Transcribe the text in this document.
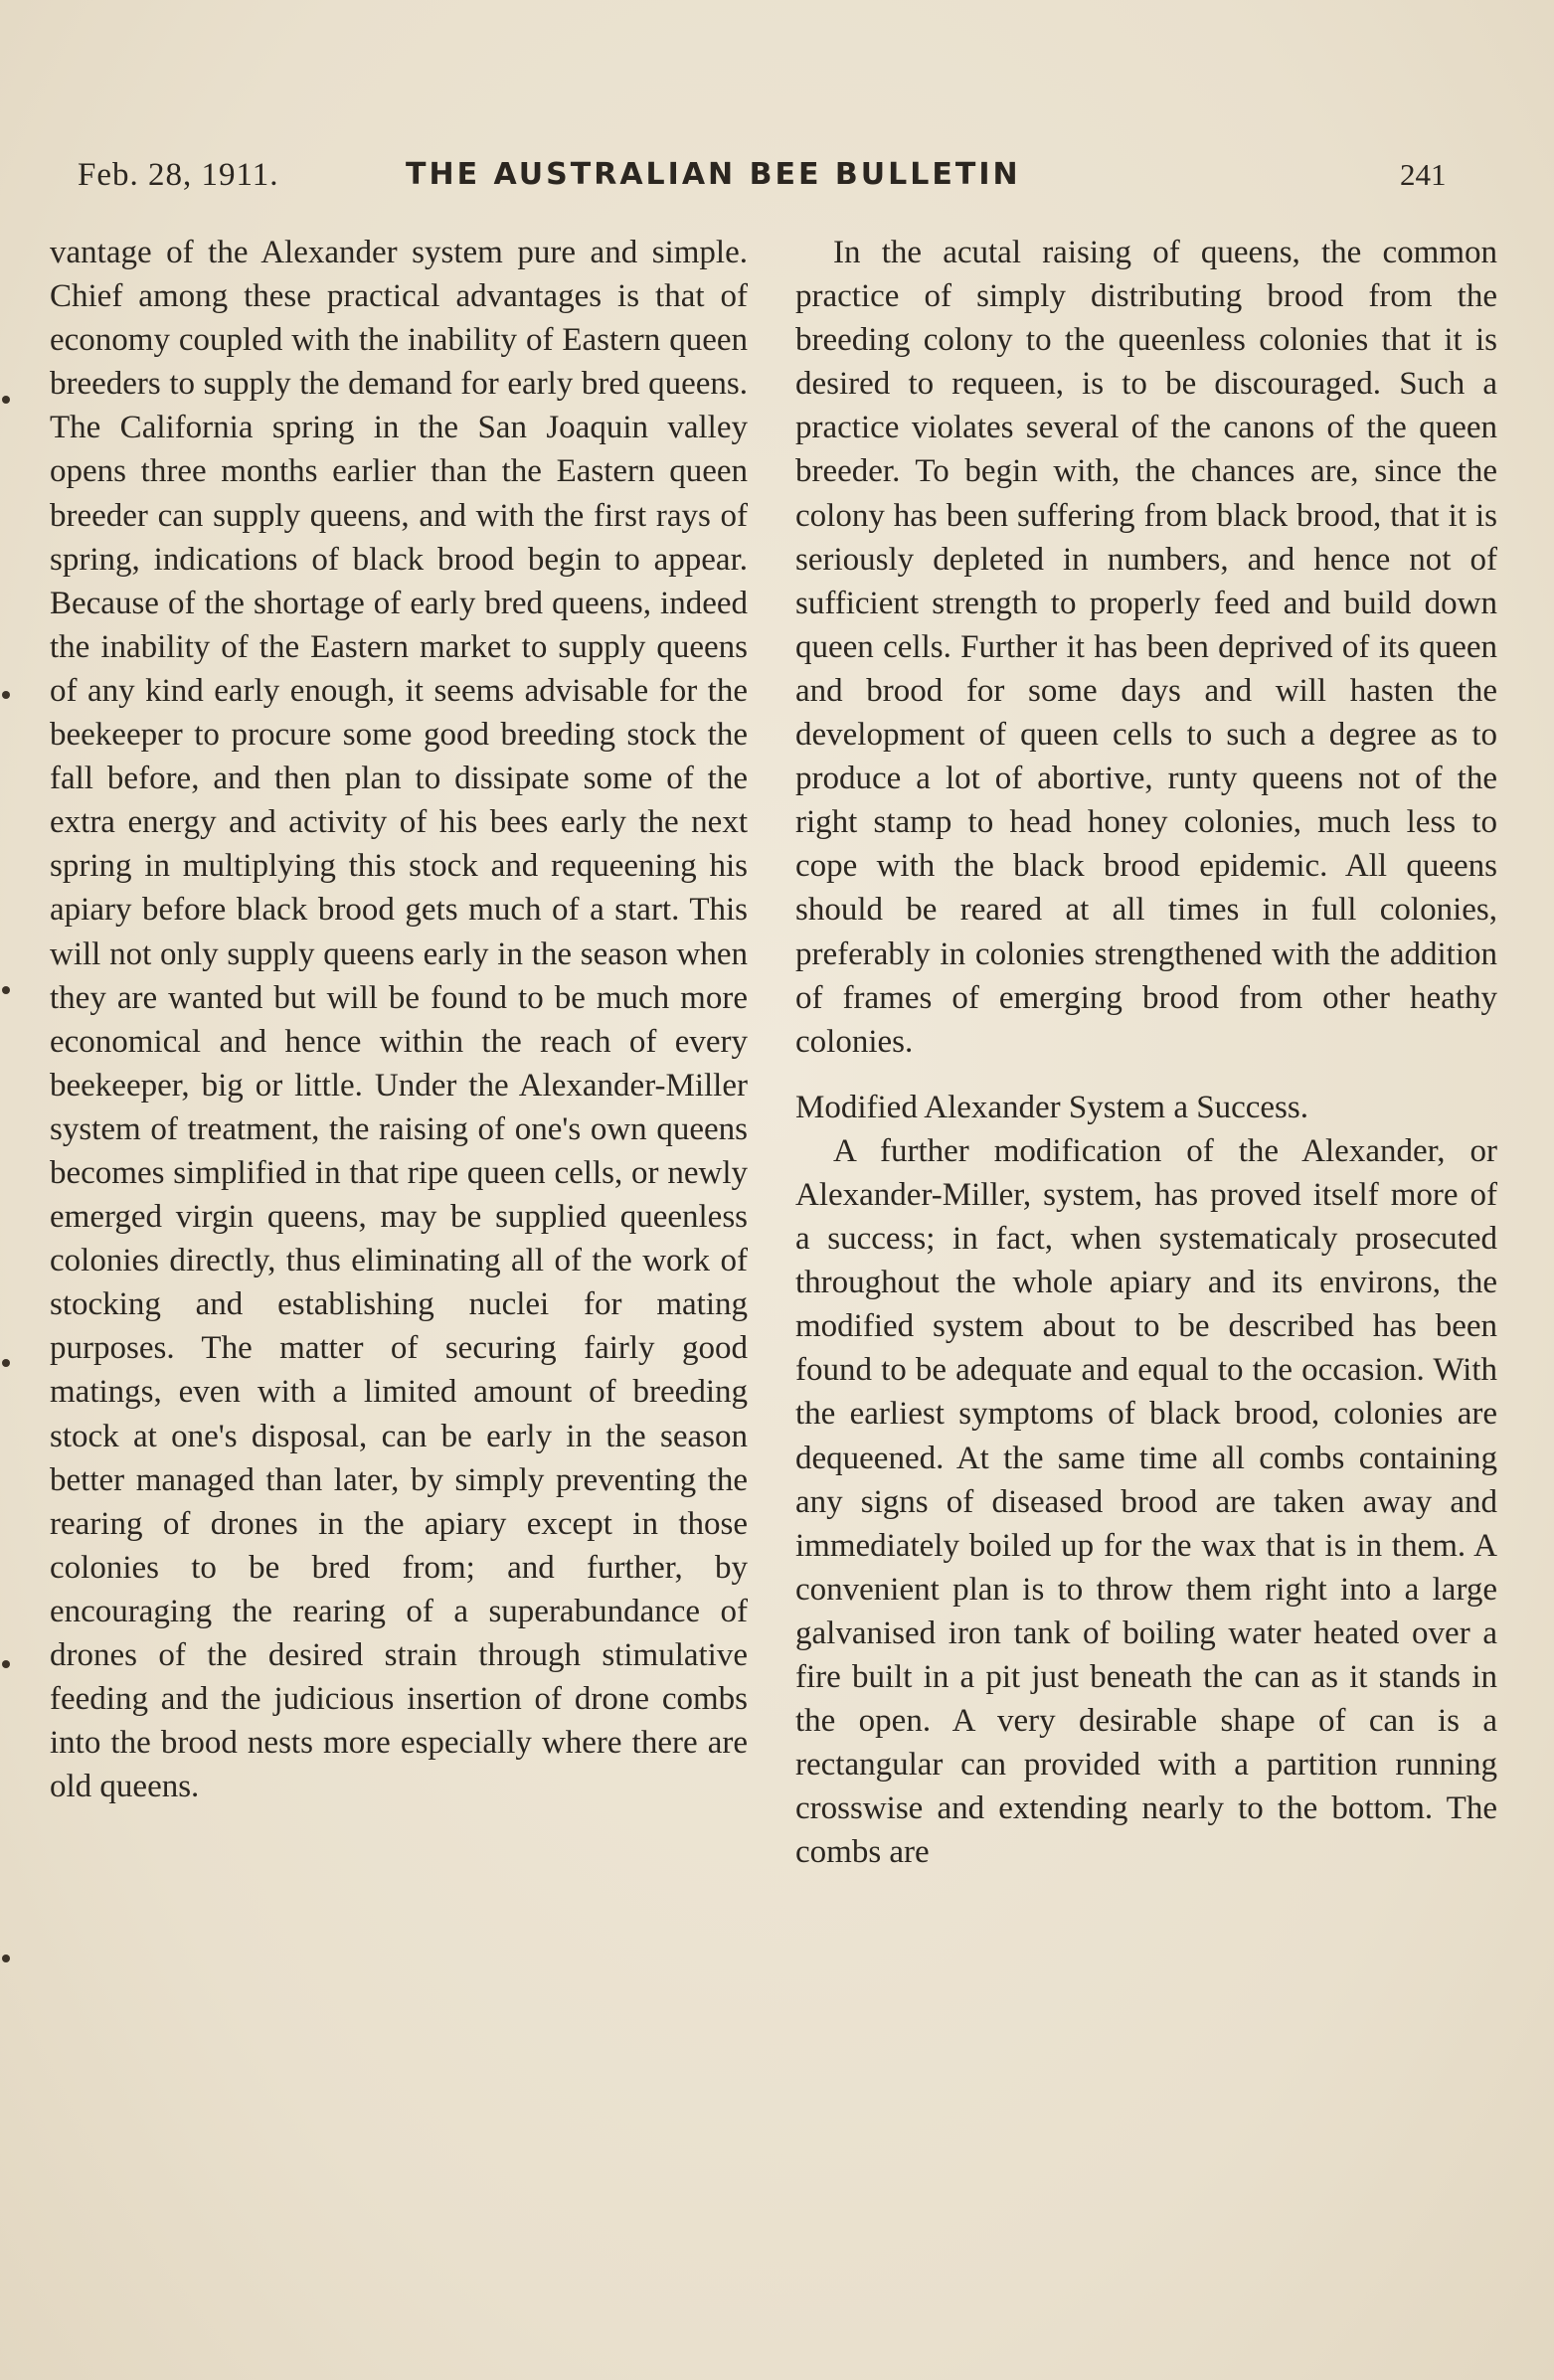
Feb. 28, 1911.	THE AUSTRALIAN BEE BULLETIN	241

vantage of the Alexander system pure and simple. Chief among these practical advantages is that of economy coupled with the inability of Eastern queen breeders to supply the demand for early bred queens. The California spring in the San Joaquin valley opens three months earlier than the Eastern queen breeder can supply queens, and with the first rays of spring, indications of black brood begin to appear. Because of the shortage of early bred queens, indeed the inability of the Eastern market to supply queens of any kind early enough, it seems advisable for the beekeeper to procure some good breeding stock the fall before, and then plan to dissipate some of the extra energy and activity of his bees early the next spring in multiplying this stock and requeening his apiary before black brood gets much of a start. This will not only supply queens early in the season when they are wanted but will be found to be much more economical and hence within the reach of every beekeeper, big or little. Under the Alexander-Miller system of treatment, the raising of one's own queens becomes simplified in that ripe queen cells, or newly emerged virgin queens, may be supplied queenless colonies directly, thus eliminating all of the work of stocking and establishing nuclei for mating purposes. The matter of securing fairly good matings, even with a limited amount of breeding stock at one's disposal, can be early in the season better managed than later, by simply preventing the rearing of drones in the apiary except in those colonies to be bred from; and further, by encouraging the rearing of a superabundance of drones of the desired strain through stimulative feeding and the judicious insertion of drone combs into the brood nests more especially where there are old queens.

In the acutal raising of queens, the common practice of simply distributing brood from the breeding colony to the queenless colonies that it is desired to requeen, is to be discouraged. Such a practice violates several of the canons of the queen breeder. To begin with, the chances are, since the colony has been suffering from black brood, that it is seriously depleted in numbers, and hence not of sufficient strength to properly feed and build down queen cells. Further it has been deprived of its queen and brood for some days and will hasten the development of queen cells to such a degree as to produce a lot of abortive, runty queens not of the right stamp to head honey colonies, much less to cope with the black brood epidemic. All queens should be reared at all times in full colonies, preferably in colonies strengthened with the addition of frames of emerging brood from other heathy colonies.

Modified Alexander System a Success.

A further modification of the Alexander, or Alexander-Miller, system, has proved itself more of a success; in fact, when systematicaly prosecuted throughout the whole apiary and its environs, the modified system about to be described has been found to be adequate and equal to the occasion. With the earliest symptoms of black brood, colonies are dequeened. At the same time all combs containing any signs of diseased brood are taken away and immediately boiled up for the wax that is in them. A convenient plan is to throw them right into a large galvanised iron tank of boiling water heated over a fire built in a pit just beneath the can as it stands in the open. A very desirable shape of can is a rectangular can provided with a partition running crosswise and extending nearly to the bottom. The combs are
